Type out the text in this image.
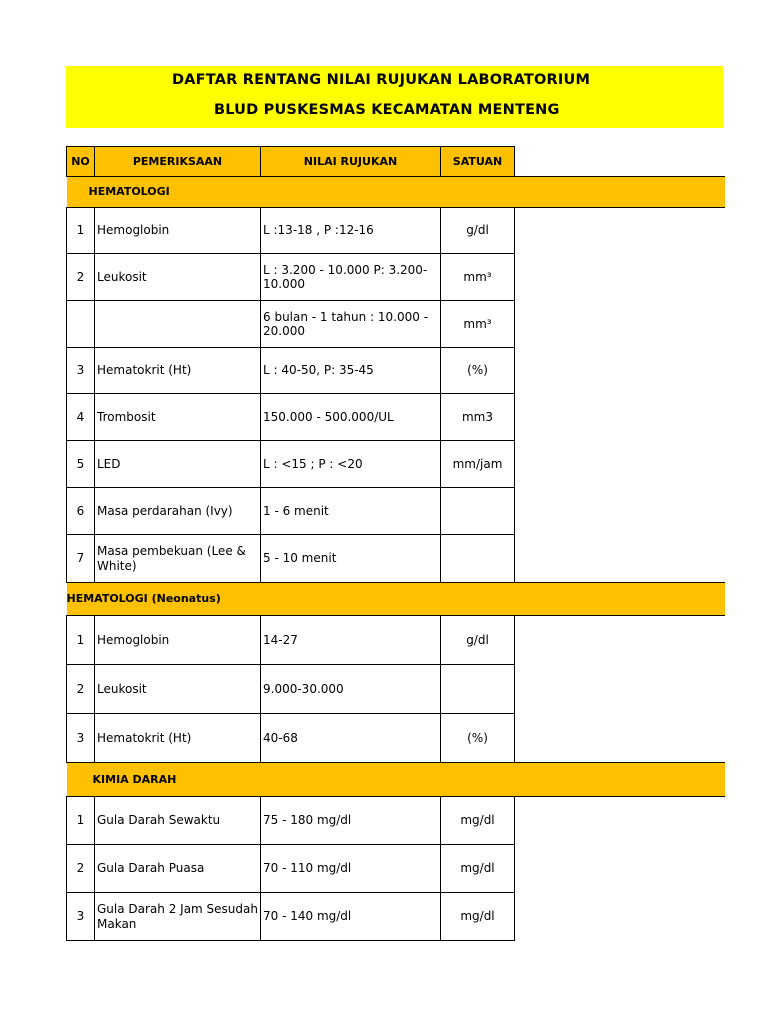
DAFTAR RENTANG NILAI RUJUKAN LABORATORIUM
BLUD PUSKESMAS KECAMATAN MENTENG
NO	PEMERIKSAAN	NILAI RUJUKAN	SATUAN	
HEMATOLOGI				
1	Hemoglobin	L :13-18 , P :12-16	g/dl	
2	Leukosit	L : 3.200 - 10.000 P: 3.200-10.000	mm³	
		6 bulan - 1 tahun : 10.000 - 20.000	mm³	
3	Hematokrit (Ht)	L : 40-50, P: 35-45	(%)	
4	Trombosit	150.000 - 500.000/UL	mm3	
5	LED	L : <15 ; P : <20	mm/jam	
6	Masa perdarahan (Ivy)	1 - 6 menit		
7	Masa pembekuan (Lee & White)	5 - 10 menit		
HEMATOLOGI (Neonatus)				
1	Hemoglobin	14-27	g/dl	
2	Leukosit	9.000-30.000		
3	Hematokrit (Ht)	40-68	(%)	
KIMIA DARAH				
1	Gula Darah Sewaktu	75 - 180 mg/dl	mg/dl	
2	Gula Darah Puasa	70 - 110 mg/dl	mg/dl	
3	Gula Darah 2 Jam Sesudah Makan	70 - 140 mg/dl	mg/dl	
